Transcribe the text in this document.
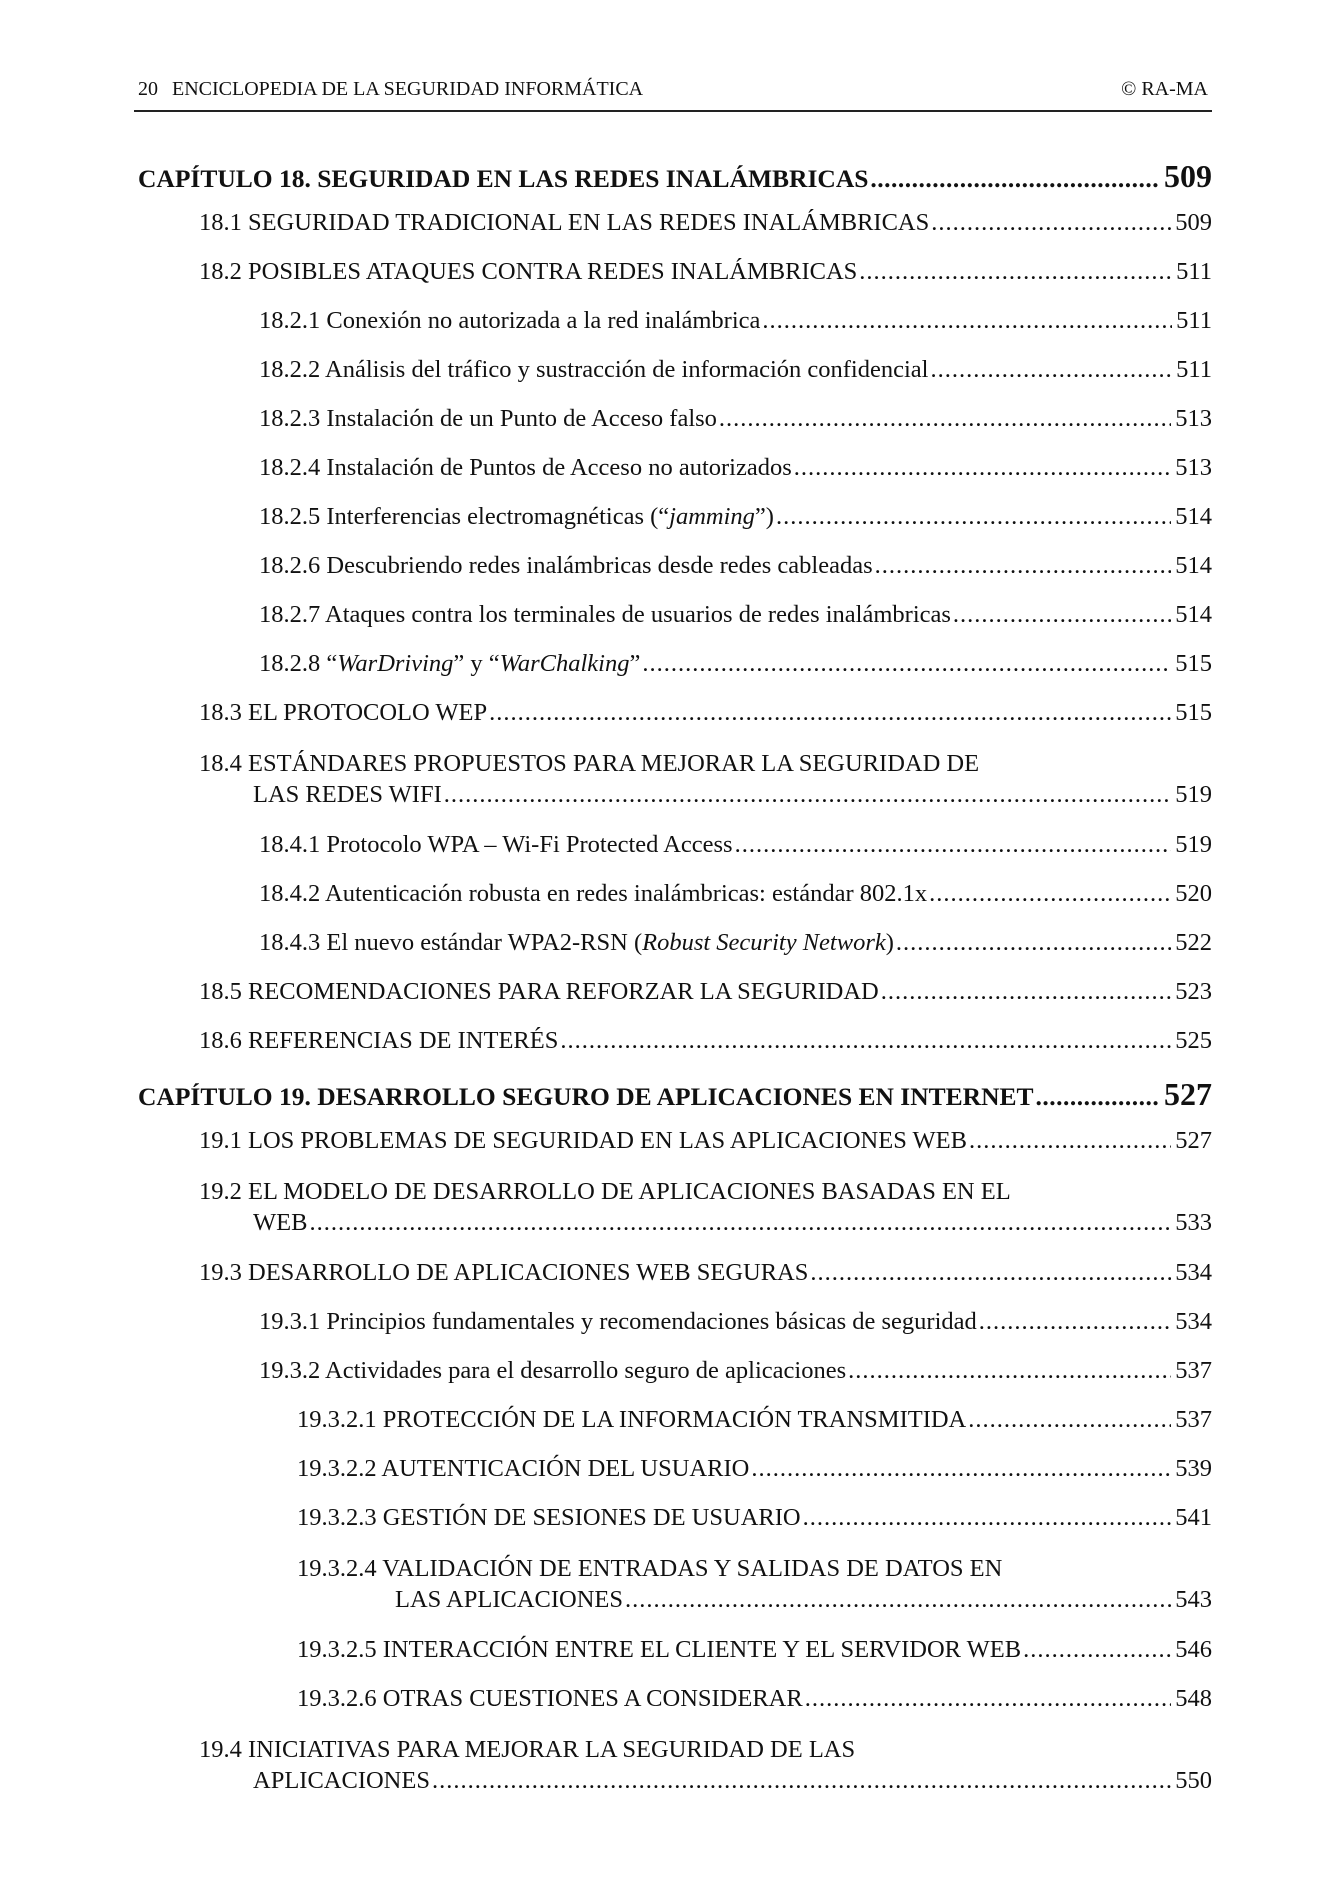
20 ENCICLOPEDIA DE LA SEGURIDAD INFORMÁTICA	© RA-MA
CAPÍTULO 18. SEGURIDAD EN LAS REDES INALÁMBRICAS .....	509
18.1 SEGURIDAD TRADICIONAL EN LAS REDES INALÁMBRICAS .....	509
18.2 POSIBLES ATAQUES CONTRA REDES INALÁMBRICAS .....	511
18.2.1 Conexión no autorizada a la red inalámbrica .....	511
18.2.2 Análisis del tráfico y sustracción de información confidencial .....	511
18.2.3 Instalación de un Punto de Acceso falso .....	513
18.2.4 Instalación de Puntos de Acceso no autorizados .....	513
18.2.5 Interferencias electromagnéticas (“jamming”) .....	514
18.2.6 Descubriendo redes inalámbricas desde redes cableadas .....	514
18.2.7 Ataques contra los terminales de usuarios de redes inalámbricas .....	514
18.2.8 “WarDriving” y “WarChalking” .....	515
18.3 EL PROTOCOLO WEP .....	515
18.4 ESTÁNDARES PROPUESTOS PARA MEJORAR LA SEGURIDAD DE
LAS REDES WIFI .....	519
18.4.1 Protocolo WPA – Wi-Fi Protected Access .....	519
18.4.2 Autenticación robusta en redes inalámbricas: estándar 802.1x .....	520
18.4.3 El nuevo estándar WPA2-RSN (Robust Security Network) .....	522
18.5 RECOMENDACIONES PARA REFORZAR LA SEGURIDAD .....	523
18.6 REFERENCIAS DE INTERÉS .....	525
CAPÍTULO 19. DESARROLLO SEGURO DE APLICACIONES EN INTERNET .....	527
19.1 LOS PROBLEMAS DE SEGURIDAD EN LAS APLICACIONES WEB .....	527
19.2 EL MODELO DE DESARROLLO DE APLICACIONES BASADAS EN EL
WEB .....	533
19.3 DESARROLLO DE APLICACIONES WEB SEGURAS .....	534
19.3.1 Principios fundamentales y recomendaciones básicas de seguridad .....	534
19.3.2 Actividades para el desarrollo seguro de aplicaciones .....	537
19.3.2.1 PROTECCIÓN DE LA INFORMACIÓN TRANSMITIDA .....	537
19.3.2.2 AUTENTICACIÓN DEL USUARIO .....	539
19.3.2.3 GESTIÓN DE SESIONES DE USUARIO .....	541
19.3.2.4 VALIDACIÓN DE ENTRADAS Y SALIDAS DE DATOS EN
LAS APLICACIONES .....	543
19.3.2.5 INTERACCIÓN ENTRE EL CLIENTE Y EL SERVIDOR WEB .....	546
19.3.2.6 OTRAS CUESTIONES A CONSIDERAR .....	548
19.4 INICIATIVAS PARA MEJORAR LA SEGURIDAD DE LAS
APLICACIONES .....	550
